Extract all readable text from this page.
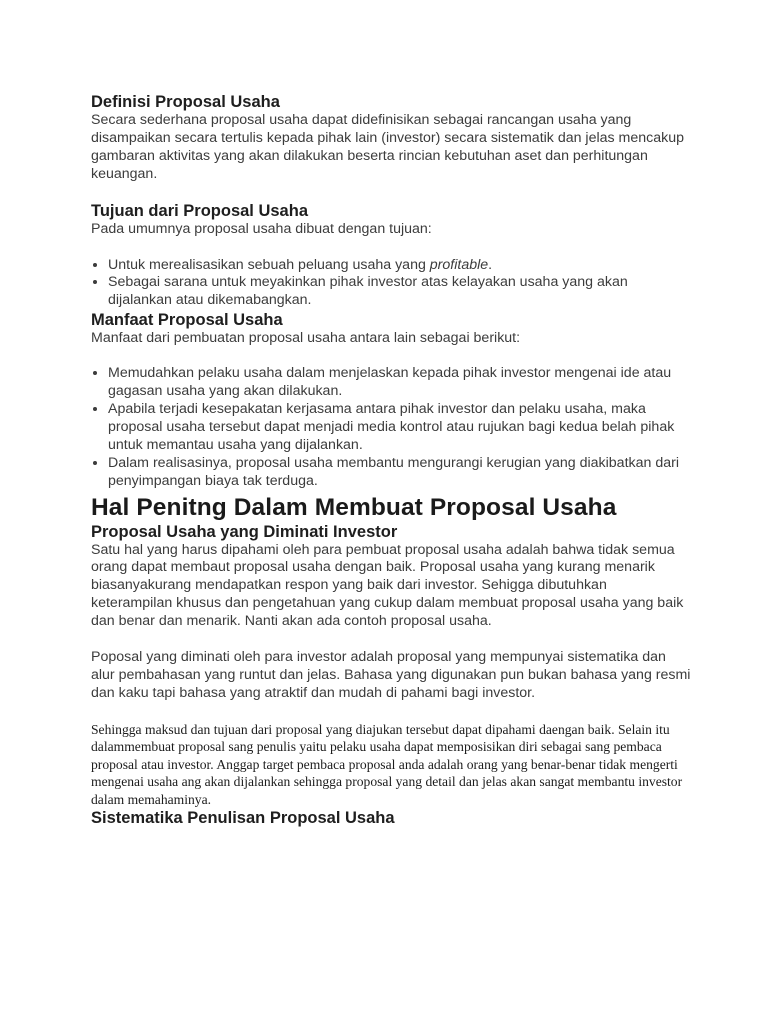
Definisi Proposal Usaha

Secara sederhana proposal usaha dapat didefinisikan sebagai rancangan usaha yang disampaikan secara tertulis kepada pihak lain (investor) secara sistematik dan jelas mencakup gambaran aktivitas yang akan dilakukan beserta rincian kebutuhan aset dan perhitungan keuangan.

Tujuan dari Proposal Usaha

Pada umumnya proposal usaha dibuat dengan tujuan:

• Untuk merealisasikan sebuah peluang usaha yang profitable.
• Sebagai sarana untuk meyakinkan pihak investor atas kelayakan usaha yang akan dijalankan atau dikemabangkan.
Manfaat Proposal Usaha

Manfaat dari pembuatan proposal usaha antara lain sebagai berikut:

• Memudahkan pelaku usaha dalam menjelaskan kepada pihak investor mengenai ide atau gagasan usaha yang akan dilakukan.
• Apabila terjadi kesepakatan kerjasama antara pihak investor dan pelaku usaha, maka proposal usaha tersebut dapat menjadi media kontrol atau rujukan bagi kedua belah pihak untuk memantau usaha yang dijalankan.
• Dalam realisasinya, proposal usaha membantu mengurangi kerugian yang diakibatkan dari penyimpangan biaya tak terduga.
Hal Penitng Dalam Membuat Proposal Usaha
Proposal Usaha yang Diminati Investor

Satu hal yang harus dipahami oleh para pembuat proposal usaha adalah bahwa tidak semua orang dapat membaut proposal usaha dengan baik. Proposal usaha yang kurang menarik biasanyakurang mendapatkan respon yang baik dari investor. Sehigga dibutuhkan keterampilan khusus dan pengetahuan yang cukup dalam membuat proposal usaha yang baik dan benar dan menarik. Nanti akan ada contoh proposal usaha.

Poposal yang diminati oleh para investor adalah proposal yang mempunyai sistematika dan alur pembahasan yang runtut dan jelas. Bahasa yang digunakan pun bukan bahasa yang resmi dan kaku tapi bahasa yang atraktif dan mudah di pahami bagi investor.

Sehingga maksud dan tujuan dari proposal yang diajukan tersebut dapat dipahami daengan baik. Selain itu dalammembuat proposal sang penulis yaitu pelaku usaha dapat memposisikan diri sebagai sang pembaca proposal atau investor. Anggap target pembaca proposal anda adalah orang yang benar-benar tidak mengerti mengenai usaha ang akan dijalankan sehingga proposal yang detail dan jelas akan sangat membantu investor dalam memahaminya.

Sistematika Penulisan Proposal Usaha
